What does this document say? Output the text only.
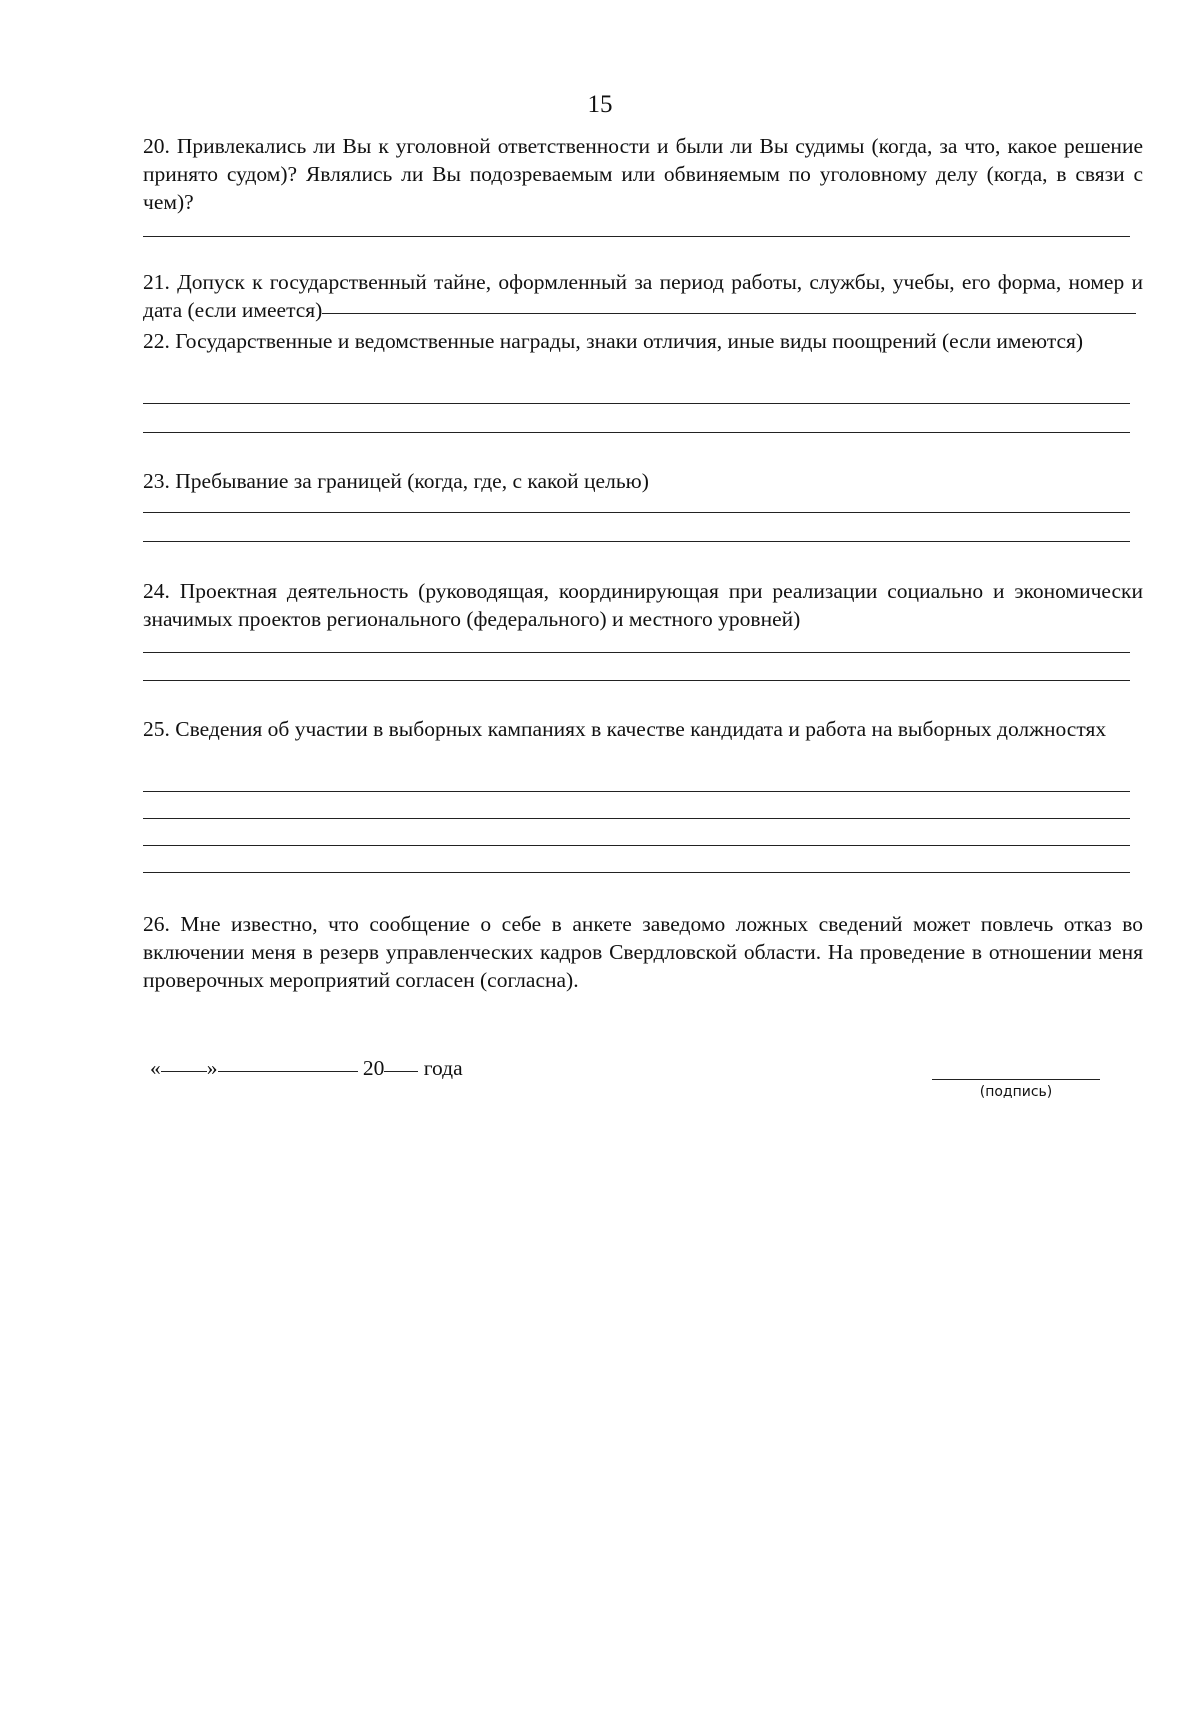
15

20. Привлекались ли Вы к уголовной ответственности и были ли Вы судимы (когда, за что, какое решение принято судом)? Являлись ли Вы подозреваемым или обвиняемым по уголовному делу (когда, в связи с чем)?

21. Допуск к государственный тайне, оформленный за период работы, службы, учебы, его форма, номер и дата (если имеется)

22. Государственные и ведомственные награды, знаки отличия, иные виды поощрений (если имеются)

23. Пребывание за границей (когда, где, с какой целью)

24. Проектная деятельность (руководящая, координирующая при реализации социально и экономически значимых проектов регионального (федерального) и местного уровней)

25. Сведения об участии в выборных кампаниях в качестве кандидата и работа на выборных должностях

26. Мне известно, что сообщение о себе в анкете заведомо ложных сведений может повлечь отказ во включении меня в резерв управленческих кадров Свердловской области. На проведение в отношении меня проверочных мероприятий согласен (согласна).

« »	20 года
(подпись)
